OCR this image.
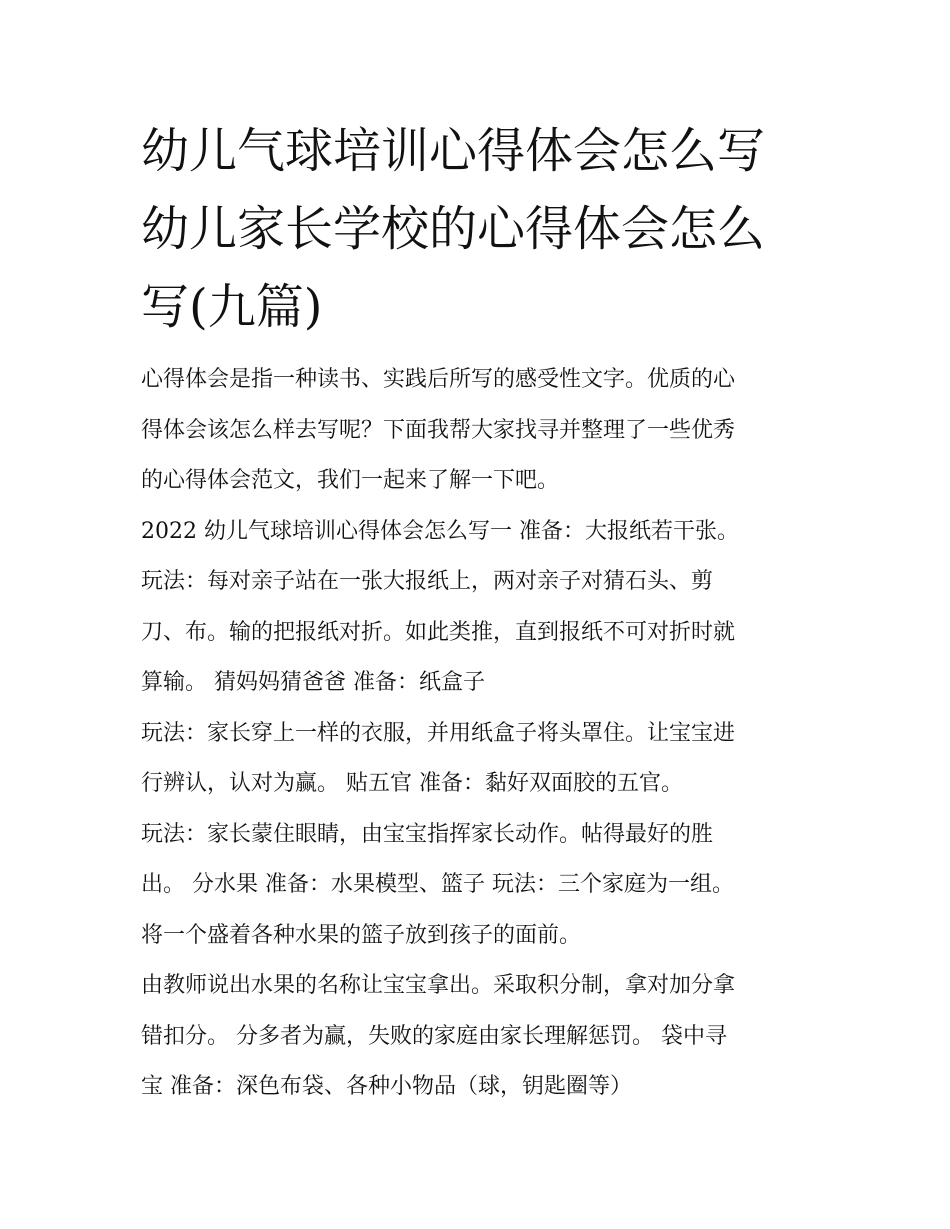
幼儿气球培训心得体会怎么写
幼儿家长学校的心得体会怎么
写(九篇)
心得体会是指一种读书、实践后所写的感受性文字。优质的心
得体会该怎么样去写呢？下面我帮大家找寻并整理了一些优秀
的心得体会范文，我们一起来了解一下吧。
2022 幼儿气球培训心得体会怎么写一 准备：大报纸若干张。
玩法：每对亲子站在一张大报纸上，两对亲子对猜石头、剪
刀、布。输的把报纸对折。如此类推，直到报纸不可对折时就
算输。 猜妈妈猜爸爸 准备：纸盒子
玩法：家长穿上一样的衣服，并用纸盒子将头罩住。让宝宝进
行辨认，认对为赢。 贴五官 准备：黏好双面胶的五官。
玩法：家长蒙住眼睛，由宝宝指挥家长动作。帖得最好的胜
出。 分水果 准备：水果模型、篮子 玩法：三个家庭为一组。
将一个盛着各种水果的篮子放到孩子的面前。
由教师说出水果的名称让宝宝拿出。采取积分制，拿对加分拿
错扣分。 分多者为赢，失败的家庭由家长理解惩罚。 袋中寻
宝 准备：深色布袋、各种小物品（球，钥匙圈等）
